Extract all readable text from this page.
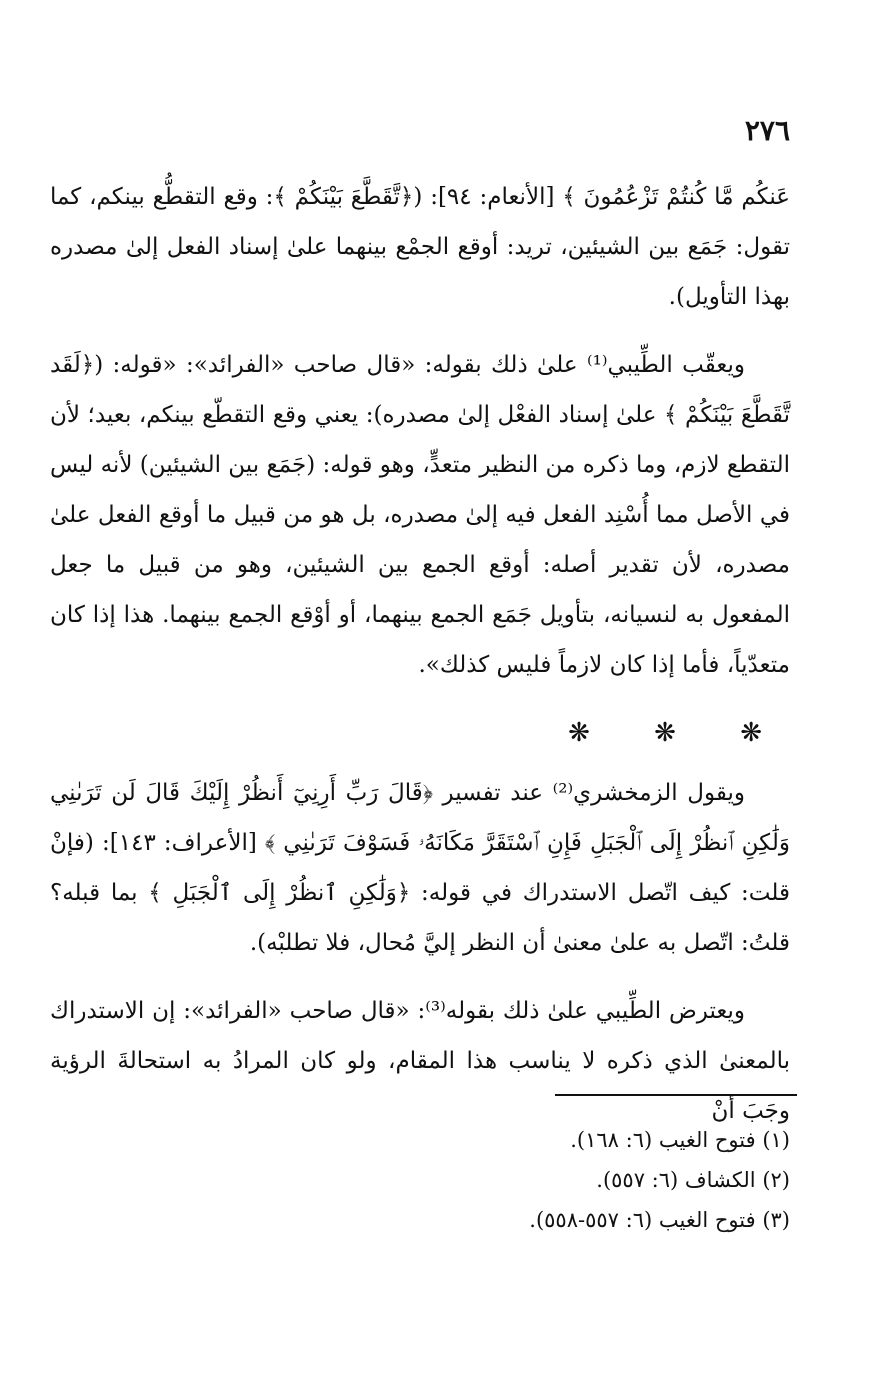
٢٧٦

عَنكُم مَّا كُنتُمْ تَزْعُمُونَ ﴾ [الأنعام: ٩٤]: (﴿تَّقَطَّعَ بَيْنَكُمْ ﴾: وقع التقطُّع بينكم، كما تقول: جَمَع بين الشيئين، تريد: أوقع الجمْع بينهما علىٰ إسناد الفعل إلىٰ مصدره بهذا التأويل).

ويعقّب الطِّيبي⁽¹⁾ علىٰ ذلك بقوله: «قال صاحب «الفرائد»: «قوله: (﴿لَقَد تَّقَطَّعَ بَيْنَكُمْ ﴾ علىٰ إسناد الفعْل إلىٰ مصدره): يعني وقع التقطّع بينكم، بعيد؛ لأن التقطع لازم، وما ذكره من النظير متعدٍّ، وهو قوله: (جَمَع بين الشيئين) لأنه ليس في الأصل مما أُسْنِد الفعل فيه إلىٰ مصدره، بل هو من قبيل ما أوقع الفعل علىٰ مصدره، لأن تقدير أصله: أوقع الجمع بين الشيئين، وهو من قبيل ما جعل المفعول به لنسيانه، بتأويل جَمَع الجمع بينهما، أو أوْقع الجمع بينهما. هذا إذا كان متعدّياً، فأما إذا كان لازماً فليس كذلك».

❋ ❋ ❋

ويقول الزمخشري⁽²⁾ عند تفسير ﴿قَالَ رَبِّ أَرِنِيٓ أَنظُرْ إِلَيْكَ قَالَ لَن تَرَىٰنِي وَلَٰكِنِ ٱنظُرْ إِلَى ٱلْجَبَلِ فَإِنِ ٱسْتَقَرَّ مَكَانَهُۥ فَسَوْفَ تَرَىٰنِي ﴾ [الأعراف: ١٤٣]: (فإنْ قلت: كيف اتّصل الاستدراك في قوله: ﴿وَلَٰكِنِ ٱنظُرْ إِلَى ٱلْجَبَلِ ﴾ بما قبله؟ قلتُ: اتّصل به علىٰ معنىٰ أن النظر إليَّ مُحال، فلا تطلبْه).

ويعترض الطِّيبي علىٰ ذلك بقوله⁽³⁾: «قال صاحب «الفرائد»: إن الاستدراك بالمعنىٰ الذي ذكره لا يناسب هذا المقام، ولو كان المرادُ به استحالةَ الرؤية وجَبَ أنْ

(١) فتوح الغيب (٦: ١٦٨).
(٢) الكشاف (٦: ٥٥٧).
(٣) فتوح الغيب (٦: ٥٥٧-٥٥٨).
